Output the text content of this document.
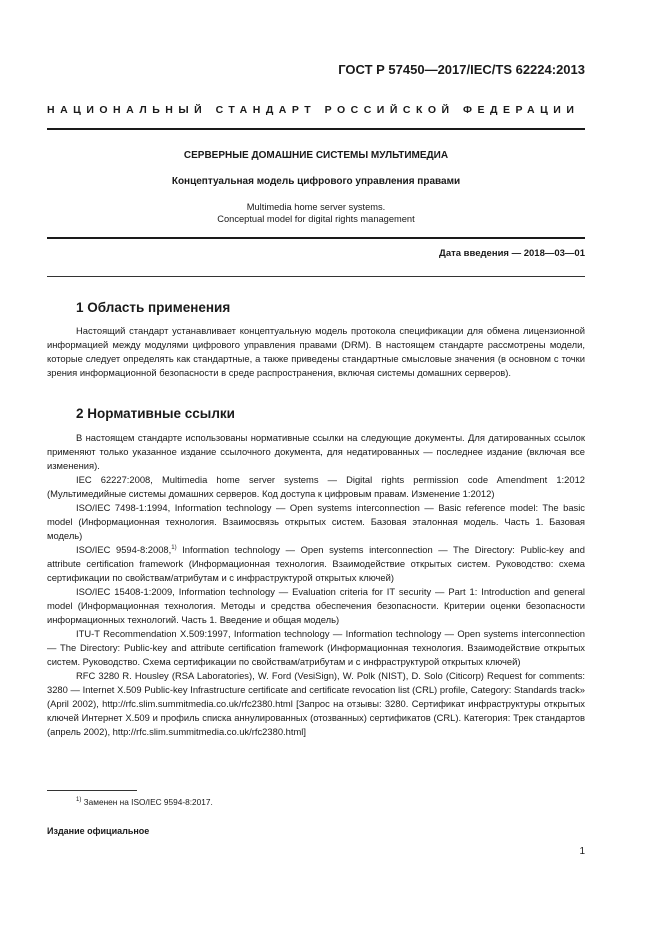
ГОСТ Р 57450—2017/IEC/TS 62224:2013
НАЦИОНАЛЬНЫЙ СТАНДАРТ РОССИЙСКОЙ ФЕДЕРАЦИИ
СЕРВЕРНЫЕ ДОМАШНИЕ СИСТЕМЫ МУЛЬТИМЕДИА
Концептуальная модель цифрового управления правами
Multimedia home server systems.
Conceptual model for digital rights management
Дата введения — 2018—03—01
1 Область применения
Настоящий стандарт устанавливает концептуальную модель протокола спецификации для обмена лицензионной информацией между модулями цифрового управления правами (DRM). В настоящем стандарте рассмотрены модели, которые следует определять как стандартные, а также приведены стандартные смысловые значения (в основном с точки зрения информационной безопасности в среде распространения, включая системы домашних серверов).
2 Нормативные ссылки

В настоящем стандарте использованы нормативные ссылки на следующие документы. Для датированных ссылок применяют только указанное издание ссылочного документа, для недатированных — последнее издание (включая все изменения).

IEC 62227:2008, Multimedia home server systems — Digital rights permission code Amendment 1:2012 (Мультимедийные системы домашних серверов. Код доступа к цифровым правам. Изменение 1:2012)

ISO/IEC 7498-1:1994, Information technology — Open systems interconnection — Basic reference model: The basic model (Информационная технология. Взаимосвязь открытых систем. Базовая эталонная модель. Часть 1. Базовая модель)

ISO/IEC 9594-8:2008,$^{1)}$ Information technology — Open systems interconnection — The Directory: Public-key and attribute certification framework (Информационная технология. Взаимодействие открытых систем. Руководство: схема сертификации по свойствам/атрибутам и с инфраструктурой открытых ключей)

ISO/IEC 15408-1:2009, Information technology — Evaluation criteria for IT security — Part 1: Introduction and general model (Информационная технология. Методы и средства обеспечения безопасности. Критерии оценки безопасности информационных технологий. Часть 1. Введение и общая модель)

ITU-T Recommendation X.509:1997, Information technology — Information technology — Open systems interconnection — The Directory: Public-key and attribute certification framework (Информационная технология. Взаимодействие открытых систем. Руководство. Схема сертификации по свойствам/атрибутам и с инфраструктурой открытых ключей)

RFC 3280 R. Housley (RSA Laboratories), W. Ford (VesiSign), W. Polk (NIST), D. Solo (Citicorp) Request for comments: 3280 — Internet X.509 Public-key Infrastructure certificate and certificate revocation list (CRL) profile, Category: Standards track» (April 2002), http://rfc.slim.summitmedia.co.uk/rfc2380.html [Запрос на отзывы: 3280. Сертификат инфраструктуры открытых ключей Интернет X.509 и профиль списка аннулированных (отозванных) сертификатов (CRL). Категория: Трек стандартов (апрель 2002), http://rfc.slim.summitmedia.co.uk/rfc2380.html]

$^{1)}$ Заменен на ISO/IEC 9594-8:2017.
Издание официальное
1
